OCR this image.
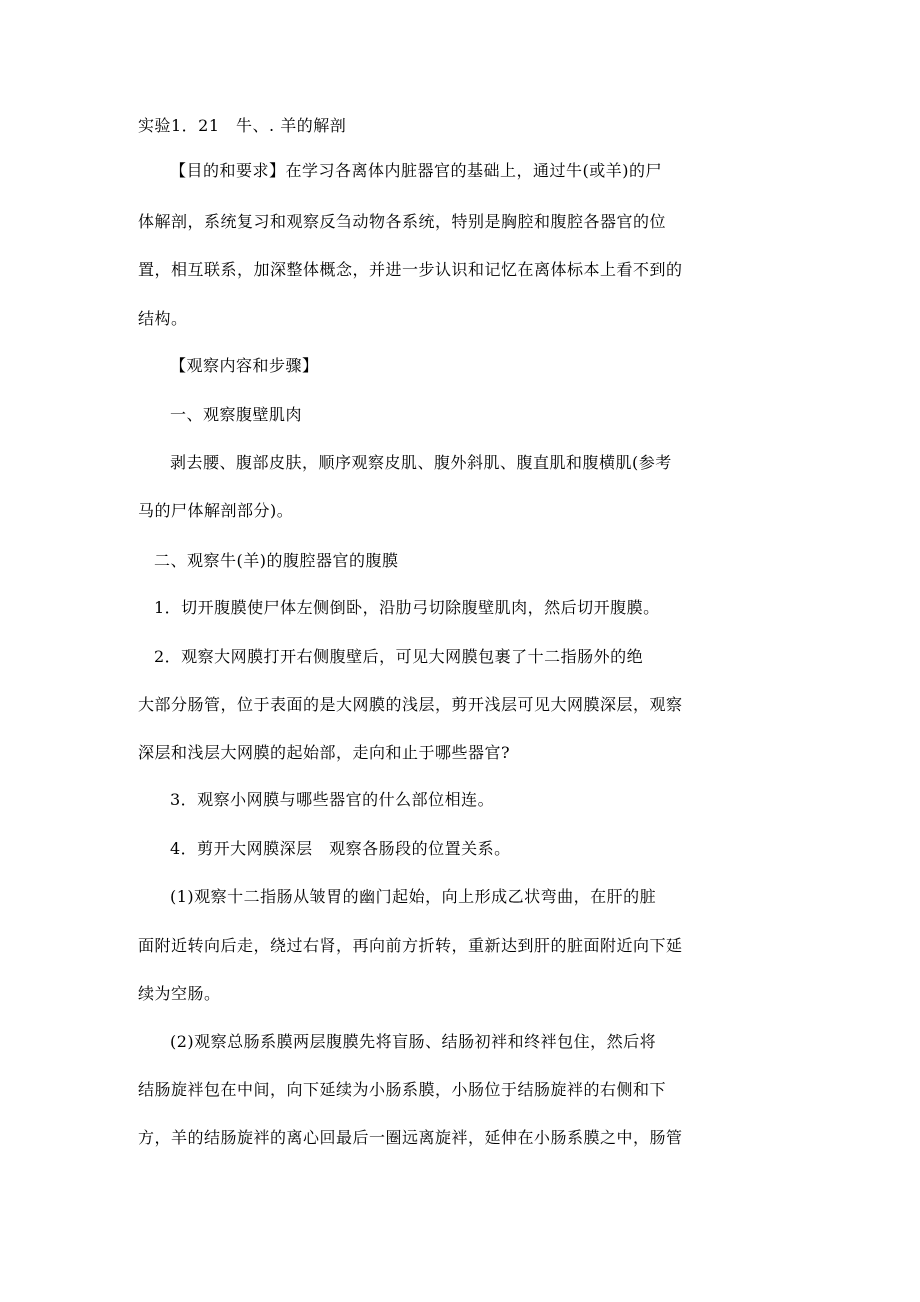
实验1．21　牛、. 羊的解剖
【目的和要求】在学习各离体内脏器官的基础上，通过牛(或羊)的尸
体解剖，系统复习和观察反刍动物各系统，特别是胸腔和腹腔各器官的位
置，相互联系，加深整体概念，并进一步认识和记忆在离体标本上看不到的
结构。
【观察内容和步骤】
一、观察腹壁肌肉
剥去腰、腹部皮肤，顺序观察皮肌、腹外斜肌、腹直肌和腹横肌(参考
马的尸体解剖部分)。
二、观察牛(羊)的腹腔器官的腹膜
1．切开腹膜使尸体左侧倒卧，沿肋弓切除腹壁肌肉，然后切开腹膜。
2．观察大网膜打开右侧腹壁后，可见大网膜包裹了十二指肠外的绝
大部分肠管，位于表面的是大网膜的浅层，剪开浅层可见大网膜深层，观察
深层和浅层大网膜的起始部，走向和止于哪些器官?
3．观察小网膜与哪些器官的什么部位相连。
4．剪开大网膜深层　观察各肠段的位置关系。
(1)观察十二指肠从皱胃的幽门起始，向上形成乙状弯曲，在肝的脏
面附近转向后走，绕过右肾，再向前方折转，重新达到肝的脏面附近向下延
续为空肠。
(2)观察总肠系膜两层腹膜先将盲肠、结肠初袢和终袢包住，然后将
结肠旋袢包在中间，向下延续为小肠系膜，小肠位于结肠旋袢的右侧和下
方，羊的结肠旋袢的离心回最后一圈远离旋袢，延伸在小肠系膜之中，肠管
